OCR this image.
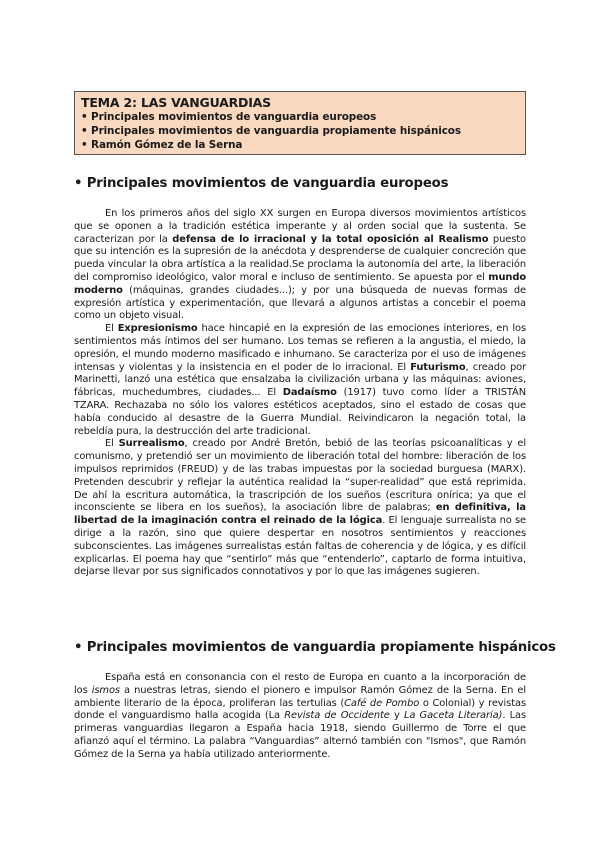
TEMA 2: LAS VANGUARDIAS
• Principales movimientos de vanguardia europeos
• Principales movimientos de vanguardia propiamente hispánicos
• Ramón Gómez de la Serna
• Principales movimientos de vanguardia europeos

En los primeros años del siglo XX surgen en Europa diversos movimientos artísticos que se oponen a la tradición estética imperante y al orden social que la sustenta. Se caracterizan por la defensa de lo irracional y la total oposición al Realismo puesto que su intención es la supresión de la anécdota y desprenderse de cualquier concreción que pueda vincular la obra artística a la realidad.Se proclama la autonomía del arte, la liberación del compromiso ideológico, valor moral e incluso de sentimiento. Se apuesta por el mundo moderno (máquinas, grandes ciudades...); y por una búsqueda de nuevas formas de expresión artística y experimentación, que llevará a algunos artistas a concebir el poema como un objeto visual.

El Expresionismo hace hincapié en la expresión de las emociones interiores, en los sentimientos más íntimos del ser humano. Los temas se refieren a la angustia, el miedo, la opresión, el mundo moderno masificado e inhumano. Se caracteriza por el uso de imágenes intensas y violentas y la insistencia en el poder de lo irracional. El Futurismo, creado por Marinetti, lanzó una estética que ensalzaba la civilización urbana y las máquinas: aviones, fábricas, muchedumbres, ciudades... El Dadaísmo (1917) tuvo como líder a TRISTÁN TZARA. Rechazaba no sólo los valores estéticos aceptados, sino el estado de cosas que había conducido al desastre de la Guerra Mundial. Reivindicaron la negación total, la rebeldía pura, la destrucción del arte tradicional.

El Surrealismo, creado por André Bretón, bebió de las teorías psicoanalíticas y el comunismo, y pretendió ser un movimiento de liberación total del hombre: liberación de los impulsos reprimidos (FREUD) y de las trabas impuestas por la sociedad burguesa (MARX). Pretenden descubrir y reflejar la auténtica realidad la “super-realidad” que está reprimida. De ahí la escritura automática, la trascripción de los sueños (escritura onírica; ya que el inconsciente se libera en los sueños), la asociación libre de palabras; en definitiva, la libertad de la imaginación contra el reinado de la lógica. El lenguaje surrealista no se dirige a la razón, sino que quiere despertar en nosotros sentimientos y reacciones subconscientes. Las imágenes surrealistas están faltas de coherencia y de lógica, y es difícil explicarlas. El poema hay que “sentirlo” más que “entenderlo”, captarlo de forma intuitiva, dejarse llevar por sus significados connotativos y por lo que las imágenes sugieren.

• Principales movimientos de vanguardia propiamente hispánicos

España está en consonancia con el resto de Europa en cuanto a la incorporación de los ismos a nuestras letras, siendo el pionero e impulsor Ramón Gómez de la Serna. En el ambiente literario de la época, proliferan las tertulias (Café de Pombo o Colonial) y revistas donde el vanguardismo halla acogida (La Revista de Occidente y La Gaceta Literaria). Las primeras vanguardias llegaron a España hacia 1918, siendo Guillermo de Torre el que afianzó aquí el término. La palabra “Vanguardias” alternó también con "Ismos", que Ramón Gómez de la Serna ya había utilizado anteriormente.
